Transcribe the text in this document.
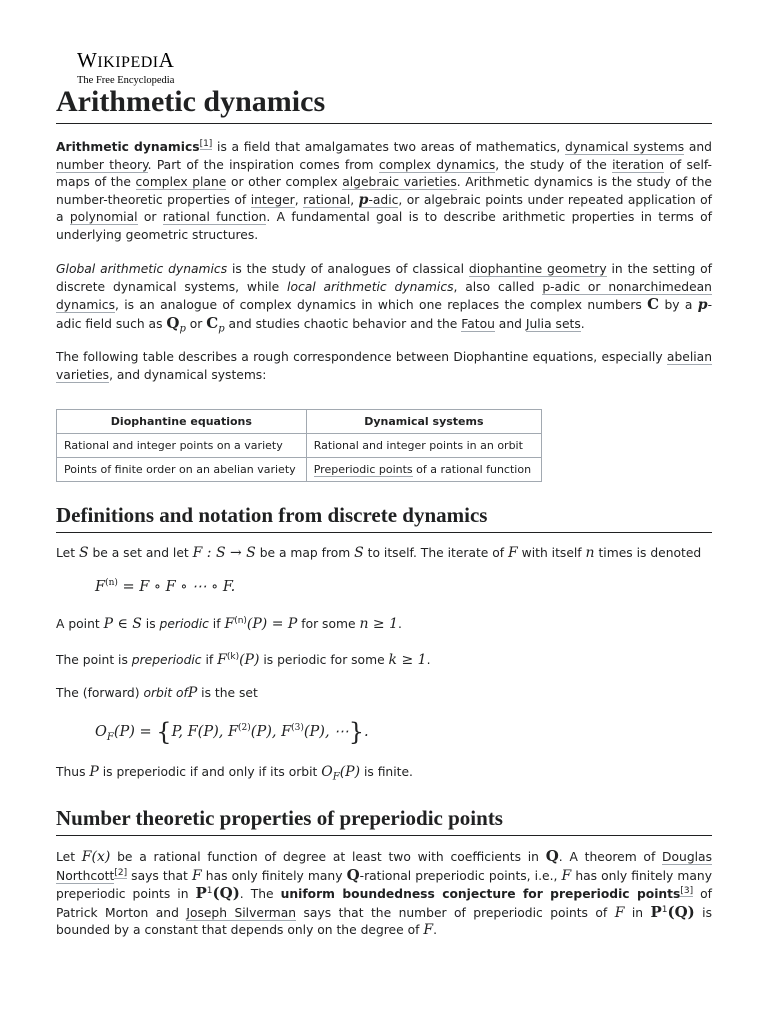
WIKIPEDIA
The Free Encyclopedia
Arithmetic dynamics

Arithmetic dynamics[1] is a field that amalgamates two areas of mathematics, dynamical systems and number theory. Part of the inspiration comes from complex dynamics, the study of the iteration of self-maps of the complex plane or other complex algebraic varieties. Arithmetic dynamics is the study of the number-theoretic properties of integer, rational, p-adic, or algebraic points under repeated application of a polynomial or rational function. A fundamental goal is to describe arithmetic properties in terms of underlying geometric structures.

Global arithmetic dynamics is the study of analogues of classical diophantine geometry in the setting of discrete dynamical systems, while local arithmetic dynamics, also called p-adic or nonarchimedean dynamics, is an analogue of complex dynamics in which one replaces the complex numbers C by a p-adic field such as $Q_p$ or $C_p$ and studies chaotic behavior and the Fatou and Julia sets.

The following table describes a rough correspondence between Diophantine equations, especially abelian varieties, and dynamical systems:

Diophantine equations	Dynamical systems
Rational and integer points on a variety	Rational and integer points in an orbit
Points of finite order on an abelian variety	Preperiodic points of a rational function
Definitions and notation from discrete dynamics
Let S be a set and let F : S → S be a map from S to itself. The iterate of F with itself n times is denoted
$F^{(n)} = F$ ∘ F ∘ ⋯ ∘ F.
A point P ∈ S is periodic if $F^{(n)}(P) = P$ for some n ≥ 1.
The point is preperiodic if $F^{(k)}(P)$ is periodic for some k ≥ 1.
The (forward) orbit ofP is the set
$O_F(P) = \{P$, F(P), $F^{(2)}(P)$, $F^{(3)}(P)$, ⋯}.
Thus P is preperiodic if and only if its orbit $O_F(P)$ is finite.
Number theoretic properties of preperiodic points

Let F(x) be a rational function of degree at least two with coefficients in Q. A theorem of Douglas Northcott[2] says that F has only finitely many Q-rational preperiodic points, i.e., F has only finitely many preperiodic points in $P^1(Q)$. The uniform boundedness conjecture for preperiodic points[3] of Patrick Morton and Joseph Silverman says that the number of preperiodic points of F in $P^1(Q)$ is bounded by a constant that depends only on the degree of F.
